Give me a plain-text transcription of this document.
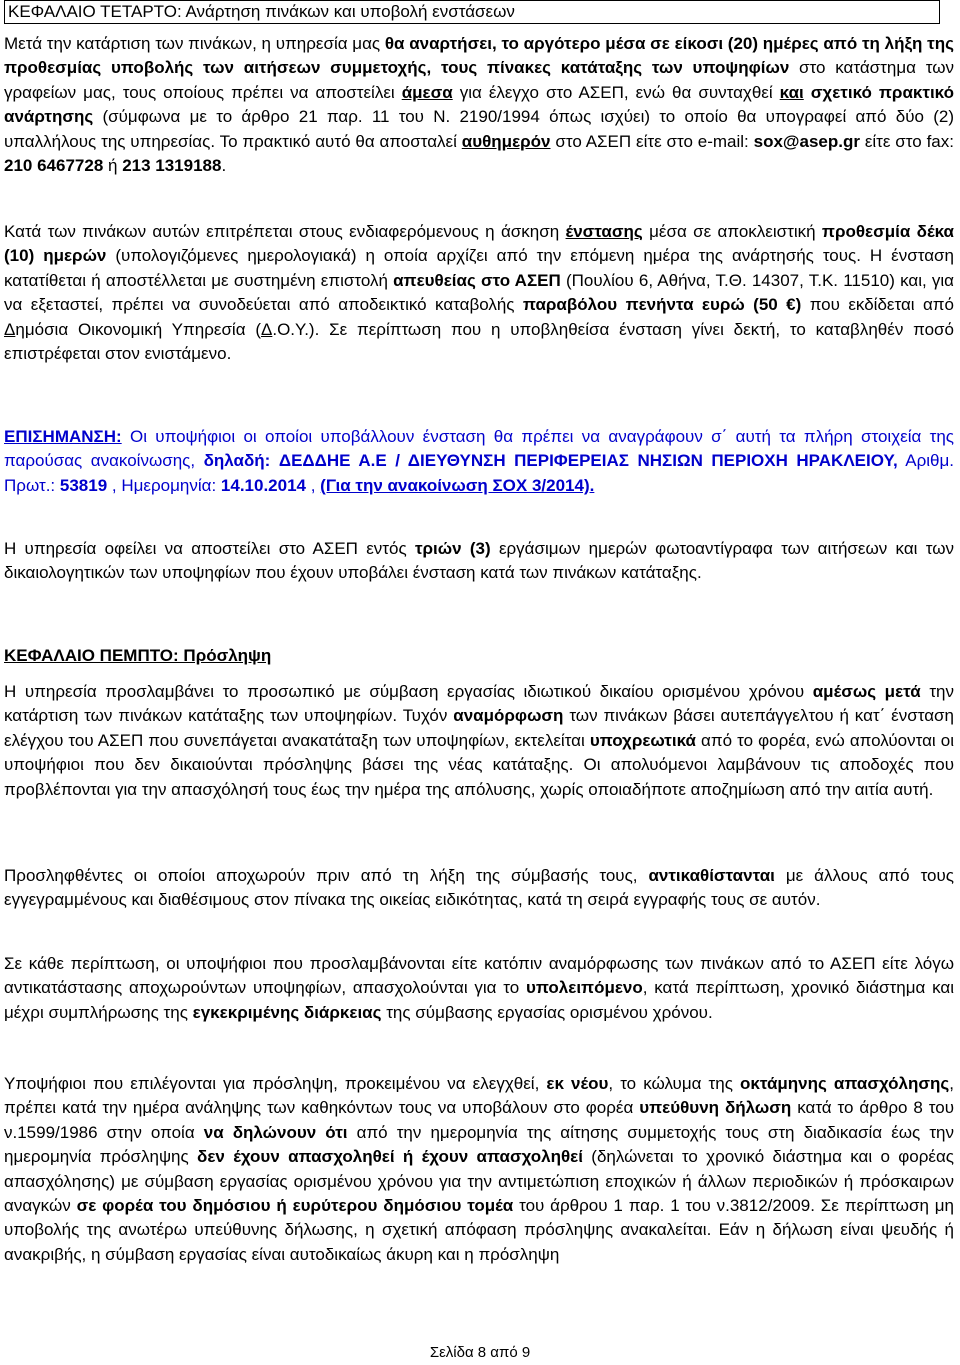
ΚΕΦΑΛΑΙΟ ΤΕΤΑΡΤΟ: Ανάρτηση πινάκων και υποβολή ενστάσεων
Μετά την κατάρτιση των πινάκων, η υπηρεσία μας θα αναρτήσει, το αργότερο μέσα σε είκοσι (20) ημέρες από τη λήξη της προθεσμίας υποβολής των αιτήσεων συμμετοχής, τους πίνακες κατάταξης των υποψηφίων στο κατάστημα των γραφείων μας, τους οποίους πρέπει να αποστείλει άμεσα για έλεγχο στο ΑΣΕΠ, ενώ θα συνταχθεί και σχετικό πρακτικό ανάρτησης (σύμφωνα με το άρθρο 21 παρ. 11 του Ν. 2190/1994 όπως ισχύει) το οποίο θα υπογραφεί από δύο (2) υπαλλήλους της υπηρεσίας. Το πρακτικό αυτό θα αποσταλεί αυθημερόν στο ΑΣΕΠ είτε στο e-mail: sox@asep.gr είτε στο fax: 210 6467728 ή 213 1319188.
Κατά των πινάκων αυτών επιτρέπεται στους ενδιαφερόμενους η άσκηση ένστασης μέσα σε αποκλειστική προθεσμία δέκα (10) ημερών (υπολογιζόμενες ημερολογιακά) η οποία αρχίζει από την επόμενη ημέρα της ανάρτησής τους. Η ένσταση κατατίθεται ή αποστέλλεται με συστημένη επιστολή απευθείας στο ΑΣΕΠ (Πουλίου 6, Αθήνα, Τ.Θ. 14307, Τ.Κ. 11510) και, για να εξεταστεί, πρέπει να συνοδεύεται από αποδεικτικό καταβολής παραβόλου πενήντα ευρώ (50 €) που εκδίδεται από Δημόσια Οικονομική Υπηρεσία (Δ.Ο.Υ.). Σε περίπτωση που η υποβληθείσα ένσταση γίνει δεκτή, το καταβληθέν ποσό επιστρέφεται στον ενιστάμενο.
ΕΠΙΣΗΜΑΝΣΗ: Οι υποψήφιοι οι οποίοι υποβάλλουν ένσταση θα πρέπει να αναγράφουν σ΄ αυτή τα πλήρη στοιχεία της παρούσας ανακοίνωσης, δηλαδή: ΔΕΔΔΗΕ Α.Ε / ΔΙΕΥΘΥΝΣΗ ΠΕΡΙΦΕΡΕΙΑΣ ΝΗΣΙΩΝ ΠΕΡΙΟΧΗ ΗΡΑΚΛΕΙΟΥ, Αριθμ. Πρωτ.: 53819 , Ημερομηνία: 14.10.2014 , (Για την ανακοίνωση ΣΟΧ 3/2014).
Η υπηρεσία οφείλει να αποστείλει στο ΑΣΕΠ εντός τριών (3) εργάσιμων ημερών φωτοαντίγραφα των αιτήσεων και των δικαιολογητικών των υποψηφίων που έχουν υποβάλει ένσταση κατά των πινάκων κατάταξης.
ΚΕΦΑΛΑΙΟ ΠΕΜΠΤΟ: Πρόσληψη
Η υπηρεσία προσλαμβάνει το προσωπικό με σύμβαση εργασίας ιδιωτικού δικαίου ορισμένου χρόνου αμέσως μετά την κατάρτιση των πινάκων κατάταξης των υποψηφίων. Τυχόν αναμόρφωση των πινάκων βάσει αυτεπάγγελτου ή κατ΄ ένσταση ελέγχου του ΑΣΕΠ που συνεπάγεται ανακατάταξη των υποψηφίων, εκτελείται υποχρεωτικά από το φορέα, ενώ απολύονται οι υποψήφιοι που δεν δικαιούνται πρόσληψης βάσει της νέας κατάταξης. Οι απολυόμενοι λαμβάνουν τις αποδοχές που προβλέπονται για την απασχόλησή τους έως την ημέρα της απόλυσης, χωρίς οποιαδήποτε αποζημίωση από την αιτία αυτή.
Προσληφθέντες οι οποίοι αποχωρούν πριν από τη λήξη της σύμβασής τους, αντικαθίστανται με άλλους από τους εγγεγραμμένους και διαθέσιμους στον πίνακα της οικείας ειδικότητας, κατά τη σειρά εγγραφής τους σε αυτόν.
Σε κάθε περίπτωση, οι υποψήφιοι που προσλαμβάνονται είτε κατόπιν αναμόρφωσης των πινάκων από το ΑΣΕΠ είτε λόγω αντικατάστασης αποχωρούντων υποψηφίων, απασχολούνται για το υπολειπόμενο, κατά περίπτωση, χρονικό διάστημα και μέχρι συμπλήρωσης της εγκεκριμένης διάρκειας της σύμβασης εργασίας ορισμένου χρόνου.
Υποψήφιοι που επιλέγονται για πρόσληψη, προκειμένου να ελεγχθεί, εκ νέου, το κώλυμα της οκτάμηνης απασχόλησης, πρέπει κατά την ημέρα ανάληψης των καθηκόντων τους να υποβάλουν στο φορέα υπεύθυνη δήλωση κατά το άρθρο 8 του ν.1599/1986 στην οποία να δηλώνουν ότι από την ημερομηνία της αίτησης συμμετοχής τους στη διαδικασία έως την ημερομηνία πρόσληψης δεν έχουν απασχοληθεί ή έχουν απασχοληθεί (δηλώνεται το χρονικό διάστημα και ο φορέας απασχόλησης) με σύμβαση εργασίας ορισμένου χρόνου για την αντιμετώπιση εποχικών ή άλλων περιοδικών ή πρόσκαιρων αναγκών σε φορέα του δημόσιου ή ευρύτερου δημόσιου τομέα του άρθρου 1 παρ. 1 του ν.3812/2009. Σε περίπτωση μη υποβολής της ανωτέρω υπεύθυνης δήλωσης, η σχετική απόφαση πρόσληψης ανακαλείται. Εάν η δήλωση είναι ψευδής ή ανακριβής, η σύμβαση εργασίας είναι αυτοδικαίως άκυρη και η πρόσληψη
Σελίδα 8 από 9
